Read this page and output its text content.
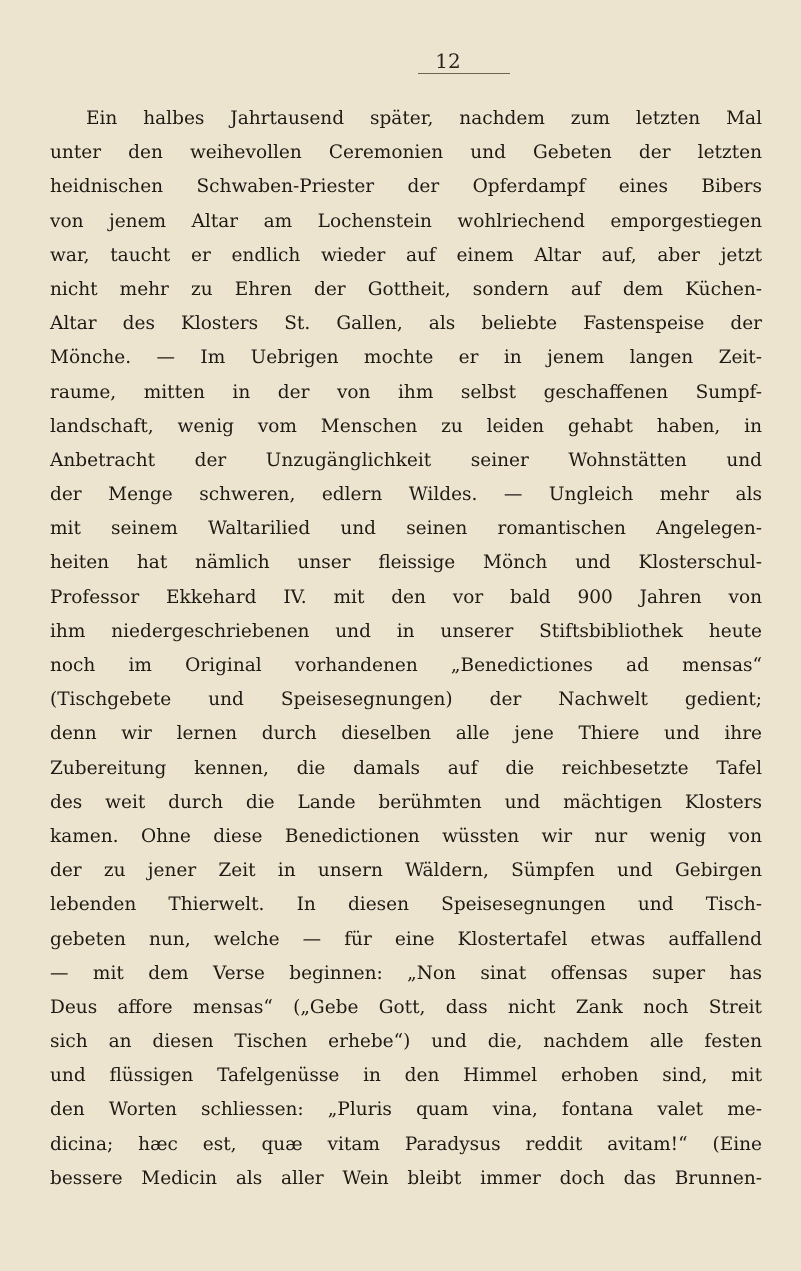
12
Ein halbes Jahrtausend später, nachdem zum letzten Mal
unter den weihevollen Ceremonien und Gebeten der letzten
heidnischen Schwaben-Priester der Opferdampf eines Bibers
von jenem Altar am Lochenstein wohlriechend emporgestiegen
war, taucht er endlich wieder auf einem Altar auf, aber jetzt
nicht mehr zu Ehren der Gottheit, sondern auf dem Küchen-
Altar des Klosters St. Gallen, als beliebte Fastenspeise der
Mönche. — Im Uebrigen mochte er in jenem langen Zeit-
raume, mitten in der von ihm selbst geschaffenen Sumpf-
landschaft, wenig vom Menschen zu leiden gehabt haben, in
Anbetracht der Unzugänglichkeit seiner Wohnstätten und
der Menge schweren, edlern Wildes. — Ungleich mehr als
mit seinem Waltarilied und seinen romantischen Angelegen-
heiten hat nämlich unser fleissige Mönch und Klosterschul-
Professor Ekkehard IV. mit den vor bald 900 Jahren von
ihm niedergeschriebenen und in unserer Stiftsbibliothek heute
noch im Original vorhandenen „Benedictiones ad mensas“
(Tischgebete und Speisesegnungen) der Nachwelt gedient;
denn wir lernen durch dieselben alle jene Thiere und ihre
Zubereitung kennen, die damals auf die reichbesetzte Tafel
des weit durch die Lande berühmten und mächtigen Klosters
kamen. Ohne diese Benedictionen wüssten wir nur wenig von
der zu jener Zeit in unsern Wäldern, Sümpfen und Gebirgen
lebenden Thierwelt. In diesen Speisesegnungen und Tisch-
gebeten nun, welche — für eine Klostertafel etwas auffallend
— mit dem Verse beginnen: „Non sinat offensas super has
Deus affore mensas“ („Gebe Gott, dass nicht Zank noch Streit
sich an diesen Tischen erhebe“) und die, nachdem alle festen
und flüssigen Tafelgenüsse in den Himmel erhoben sind, mit
den Worten schliessen: „Pluris quam vina, fontana valet me-
dicina; hæc est, quæ vitam Paradysus reddit avitam!“ (Eine
bessere Medicin als aller Wein bleibt immer doch das Brunnen-
